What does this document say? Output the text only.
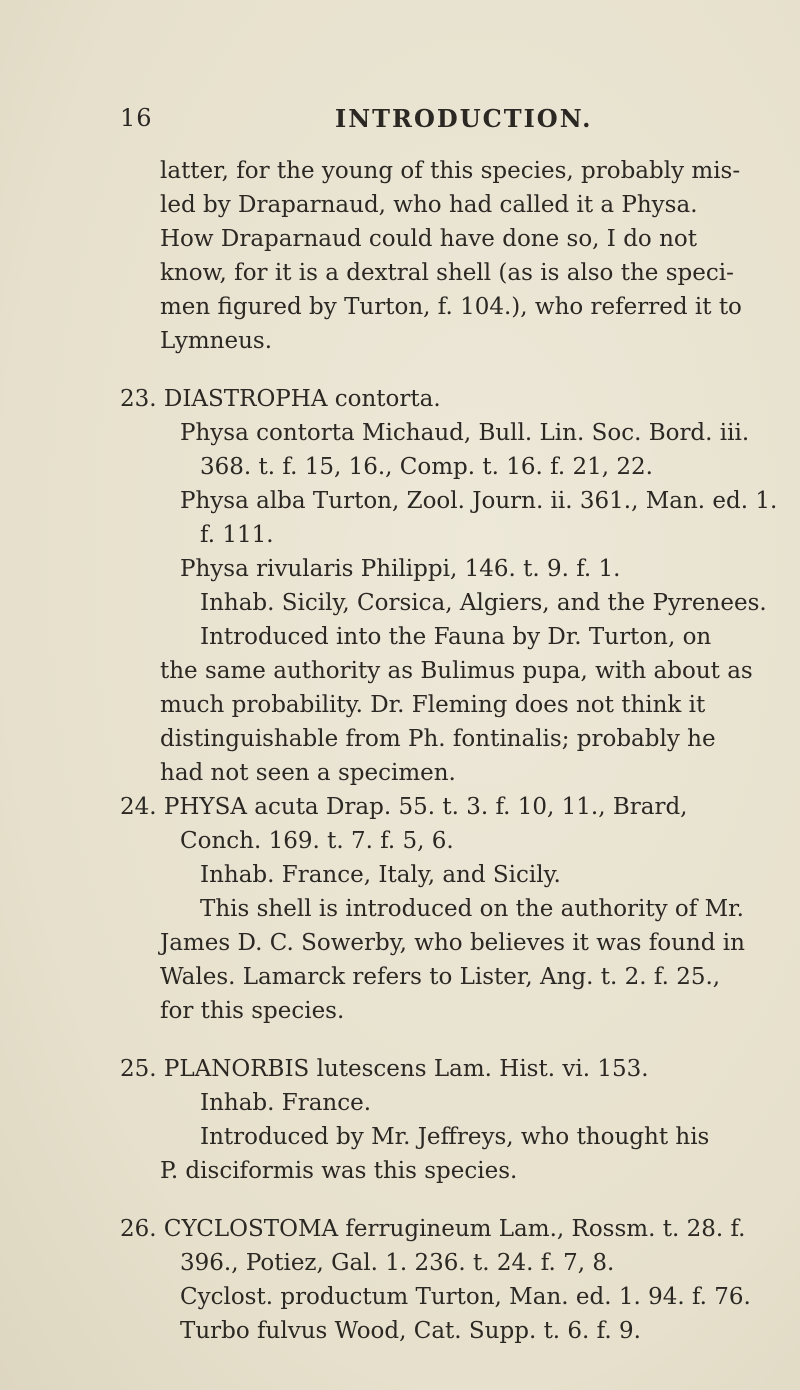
16	INTRODUCTION.
latter, for the young of this species, probably mis-
led by Draparnaud, who had called it a Physa.
How Draparnaud could have done so, I do not
know, for it is a dextral shell (as is also the speci-
men figured by Turton, f. 104.), who referred it to
Lymneus.
23. DIASTROPHA contorta.
Physa contorta Michaud, Bull. Lin. Soc. Bord. iii.
368. t. f. 15, 16., Comp. t. 16. f. 21, 22.
Physa alba Turton, Zool. Journ. ii. 361., Man. ed. 1.
f. 111.
Physa rivularis Philippi, 146. t. 9. f. 1.
Inhab. Sicily, Corsica, Algiers, and the Pyrenees.
Introduced into the Fauna by Dr. Turton, on
the same authority as Bulimus pupa, with about as
much probability. Dr. Fleming does not think it
distinguishable from Ph. fontinalis; probably he
had not seen a specimen.
24. PHYSA acuta Drap. 55. t. 3. f. 10, 11., Brard,
Conch. 169. t. 7. f. 5, 6.
Inhab. France, Italy, and Sicily.
This shell is introduced on the authority of Mr.
James D. C. Sowerby, who believes it was found in
Wales. Lamarck refers to Lister, Ang. t. 2. f. 25.,
for this species.
25. PLANORBIS lutescens Lam. Hist. vi. 153.
Inhab. France.
Introduced by Mr. Jeffreys, who thought his
P. disciformis was this species.
26. CYCLOSTOMA ferrugineum Lam., Rossm. t. 28. f.
396., Potiez, Gal. 1. 236. t. 24. f. 7, 8.
Cyclost. productum Turton, Man. ed. 1. 94. f. 76.
Turbo fulvus Wood, Cat. Supp. t. 6. f. 9.
